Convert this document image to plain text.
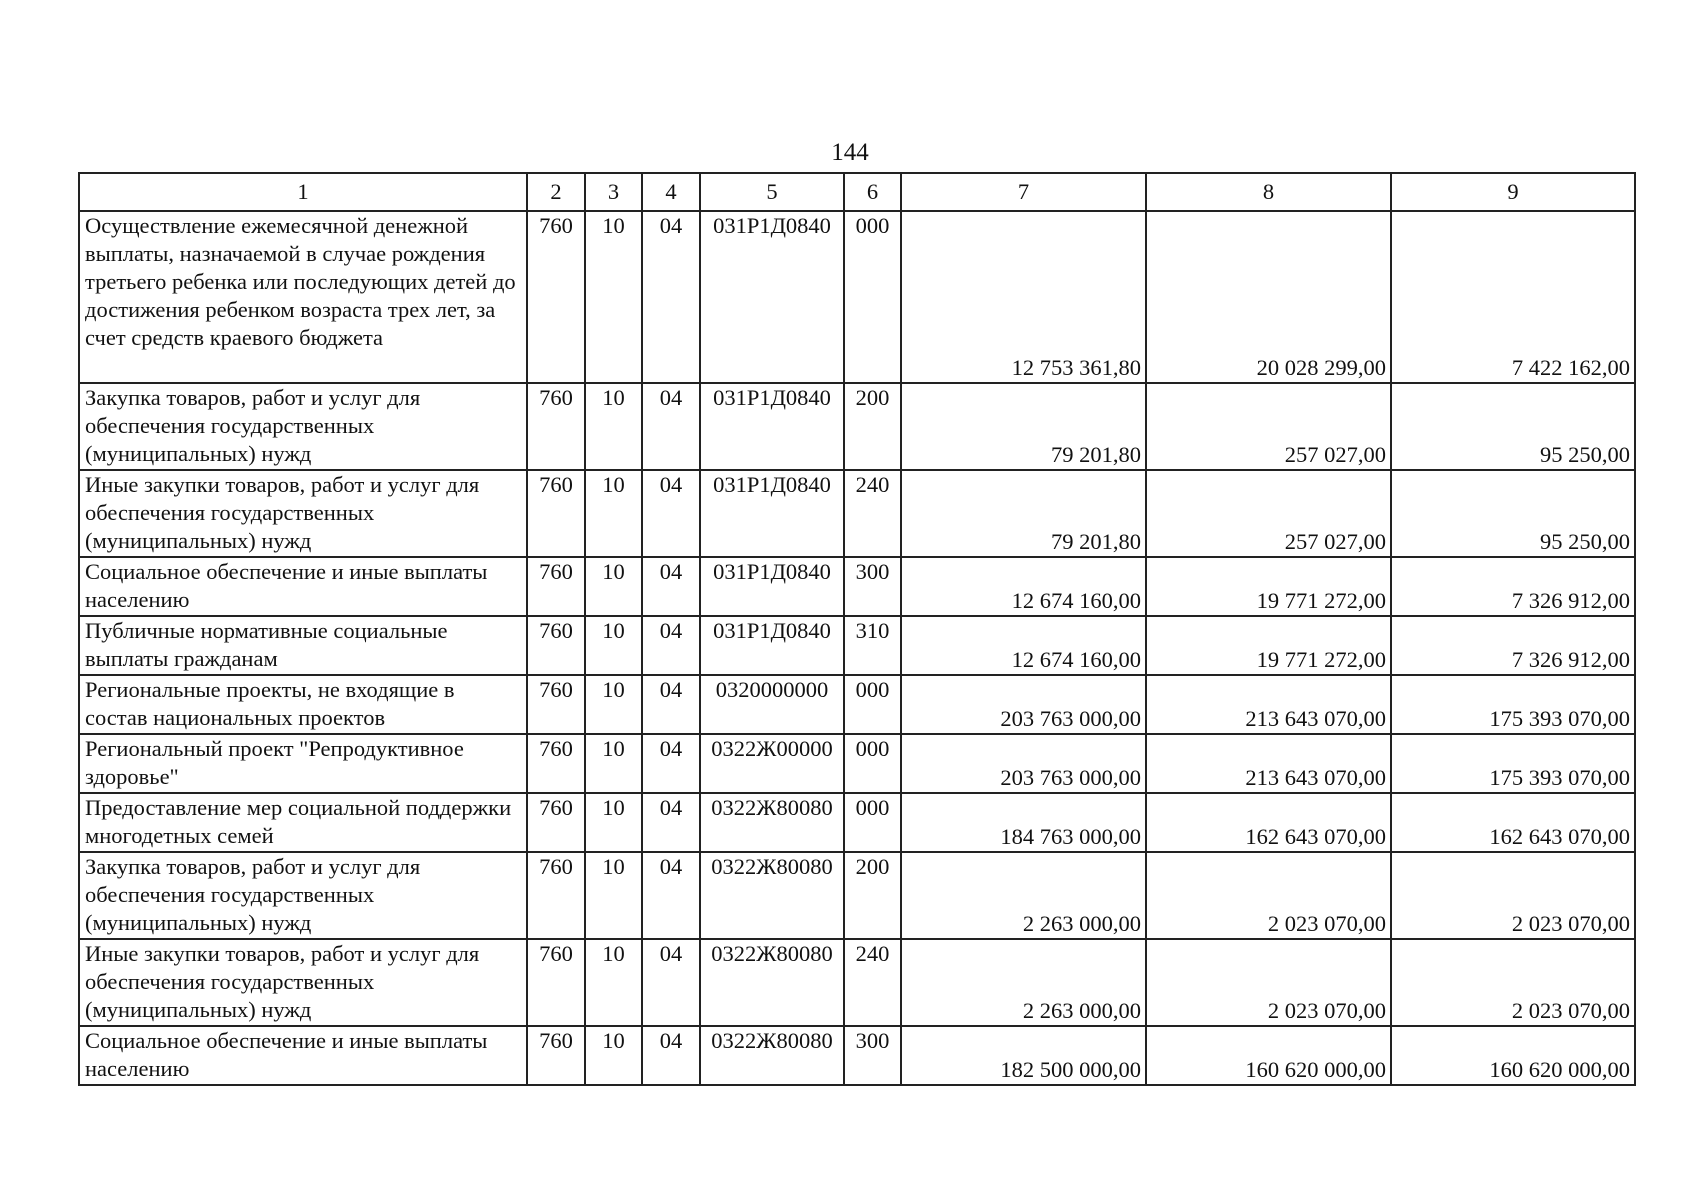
144
1	2	3	4	5	6	7	8	9
Осуществление ежемесячной денежной выплаты, назначаемой в случае рождения третьего ребенка или последующих детей до достижения ребенком возраста трех лет, за счет средств краевого бюджета	760	10	04	031Р1Д0840	000	12 753 361,80	20 028 299,00	7 422 162,00
Закупка товаров, работ и услуг для обеспечения государственных (муниципальных) нужд	760	10	04	031Р1Д0840	200	79 201,80	257 027,00	95 250,00
Иные закупки товаров, работ и услуг для обеспечения государственных (муниципальных) нужд	760	10	04	031Р1Д0840	240	79 201,80	257 027,00	95 250,00
Социальное обеспечение и иные выплаты населению	760	10	04	031Р1Д0840	300	12 674 160,00	19 771 272,00	7 326 912,00
Публичные нормативные социальные выплаты гражданам	760	10	04	031Р1Д0840	310	12 674 160,00	19 771 272,00	7 326 912,00
Региональные проекты, не входящие в состав национальных проектов	760	10	04	0320000000	000	203 763 000,00	213 643 070,00	175 393 070,00
Региональный проект "Репродуктивное здоровье"	760	10	04	0322Ж00000	000	203 763 000,00	213 643 070,00	175 393 070,00
Предоставление мер социальной поддержки многодетных семей	760	10	04	0322Ж80080	000	184 763 000,00	162 643 070,00	162 643 070,00
Закупка товаров, работ и услуг для обеспечения государственных (муниципальных) нужд	760	10	04	0322Ж80080	200	2 263 000,00	2 023 070,00	2 023 070,00
Иные закупки товаров, работ и услуг для обеспечения государственных (муниципальных) нужд	760	10	04	0322Ж80080	240	2 263 000,00	2 023 070,00	2 023 070,00
Социальное обеспечение и иные выплаты населению	760	10	04	0322Ж80080	300	182 500 000,00	160 620 000,00	160 620 000,00
